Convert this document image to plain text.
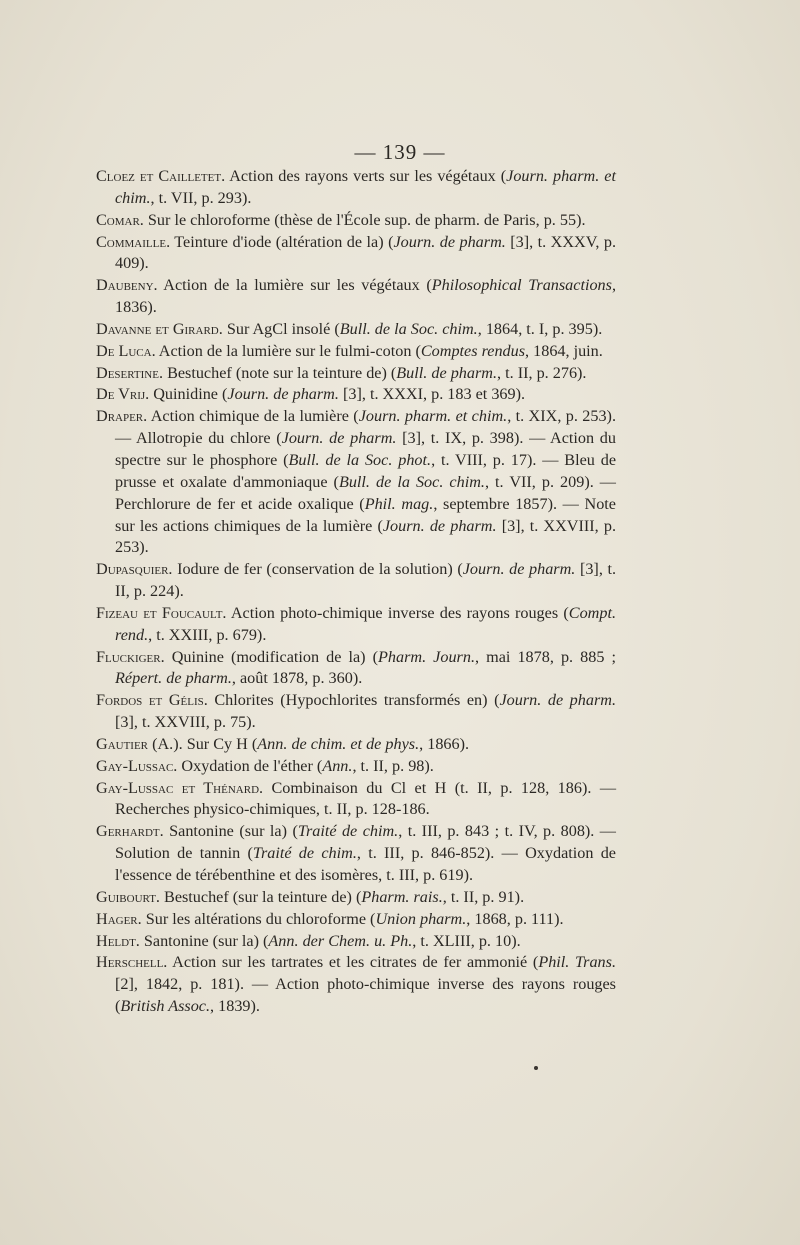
— 139 —

Cloez et Cailletet. Action des rayons verts sur les végétaux (Journ. pharm. et chim., t. VII, p. 293).

Comar. Sur le chloroforme (thèse de l'École sup. de pharm. de Paris, p. 55).

Commaille. Teinture d'iode (altération de la) (Journ. de pharm. [3], t. XXXV, p. 409).

Daubeny. Action de la lumière sur les végétaux (Philosophical Transactions, 1836).

Davanne et Girard. Sur AgCl insolé (Bull. de la Soc. chim., 1864, t. I, p. 395).

De Luca. Action de la lumière sur le fulmi-coton (Comptes rendus, 1864, juin.

Desertine. Bestuchef (note sur la teinture de) (Bull. de pharm., t. II, p. 276).

De Vrij. Quinidine (Journ. de pharm. [3], t. XXXI, p. 183 et 369).

Draper. Action chimique de la lumière (Journ. pharm. et chim., t. XIX, p. 253). — Allotropie du chlore (Journ. de pharm. [3], t. IX, p. 398). — Action du spectre sur le phosphore (Bull. de la Soc. phot., t. VIII, p. 17). — Bleu de prusse et oxalate d'ammoniaque (Bull. de la Soc. chim., t. VII, p. 209). — Perchlorure de fer et acide oxalique (Phil. mag., septembre 1857). — Note sur les actions chimiques de la lumière (Journ. de pharm. [3], t. XXVIII, p. 253).

Dupasquier. Iodure de fer (conservation de la solution) (Journ. de pharm. [3], t. II, p. 224).

Fizeau et Foucault. Action photo-chimique inverse des rayons rouges (Compt. rend., t. XXIII, p. 679).

Fluckiger. Quinine (modification de la) (Pharm. Journ., mai 1878, p. 885 ; Répert. de pharm., août 1878, p. 360).

Fordos et Gélis. Chlorites (Hypochlorites transformés en) (Journ. de pharm. [3], t. XXVIII, p. 75).

Gautier (A.). Sur Cy H (Ann. de chim. et de phys., 1866).

Gay-Lussac. Oxydation de l'éther (Ann., t. II, p. 98).

Gay-Lussac et Thénard. Combinaison du Cl et H (t. II, p. 128, 186). — Recherches physico-chimiques, t. II, p. 128-186.

Gerhardt. Santonine (sur la) (Traité de chim., t. III, p. 843 ; t. IV, p. 808). — Solution de tannin (Traité de chim., t. III, p. 846-852). — Oxydation de l'essence de térébenthine et des isomères, t. III, p. 619).

Guibourt. Bestuchef (sur la teinture de) (Pharm. rais., t. II, p. 91).

Hager. Sur les altérations du chloroforme (Union pharm., 1868, p. 111).

Heldt. Santonine (sur la) (Ann. der Chem. u. Ph., t. XLIII, p. 10).

Herschell. Action sur les tartrates et les citrates de fer ammonié (Phil. Trans. [2], 1842, p. 181). — Action photo-chimique inverse des rayons rouges (British Assoc., 1839).
